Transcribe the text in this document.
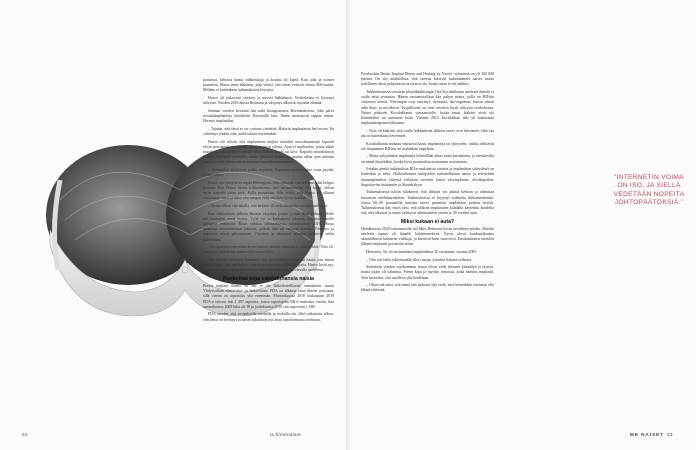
portaissa, kehossa tuntui sähköiskuja ja kouluu oli kipeä. Kun jalat ja sormet puutuivat, Husso meni lääkäriin, joka viitasi, että oireet voisivat viitata MS-tautiin. Miltään ei kuitenkaan tutkimuksissa löytynyt.

Husso oli jatkuvasti väsynyt ja uuvusi lääkäriinsä. Verikokeista ei löytynyt selitystä. Vuoden 2018 alussa Bosttuna ja väsymys alkoivat rajoittaa elämää.

Samaan vuoden keväänä hän näki Instagramissa Ravenmaisesta, joka päivä riesintäimplantteja käsiteltiin. Ravenalla luki: Nämä meinasivat tappaa minut. Hiveasi implantiksi.

– Tajusin, että tässä se on: vastaus oireisiini. Halusin implanteista heti eroon. En välittänyt yhtään siitä, miltä tulisin näyttämään.

Husso otti selvää, että implantteen laajkei riasialiin mooslaisumaart lopuolit olivat poistaneet, sa muuten oireet voisivat johtua. Ajan ei arpiltaalen, joissa alkaa muodostua implantin ympärille kovi siinäin kotelo tai kovi. Kapselit muodostuvat kaikille implantit ottaneille, mutta joillakin arpikudos saattaa alkaa ajan mittaan kiristyä, mikä johtaa niin kutsuttuun kapselikutistumiseen.

– Normaalisti poistetaan pelkät implantit. Kapselien poistoa tuleo osata pyytää, Husso sanoo.

Husso otti yhteyttä kirurgiin Helsingissä, joka vakuutti, että leikkaus olisi helppo homma. Kun Husso heräsi leikkauksesta, heti ensimmäiseksi hän kysyi, olihan myös kapselit saatu pois. Kyllä poistettiin. Silti selitti, että Husso oli ollunut vastaanaan esiin, ja alkoi olut hengen enää edelleen hyvin kaikkia.

– Tiesin silloin että aikalla, että tarkkee oli vielä alkaneita vuoroja matkattaa.

Pian leikkauksen jälkeen Husson väsymys poistui ja hän alkoi laihtua. Tilalle tuli kuitenkin uusia oireita: Syljä nyt jo kurkukseni alkoivat aiheuttaa hänelle allergisia reaktioita. Rasat viikkoa leikkauksesta, tammikuussa 2019, Husso suhtautui sivuutettavaan jaksoon, jolloin hän sai erilaiset korvaa. Väsymys ja uupumus olivat pahentuneet. Väsymys ja ahmimat allergiat palasivat nelän palvelijaan.

– En pystynyt tekemään lasten kanssa mitään, minusta ei ollut äidiksi. Olin 22-vuotias ja ihmettelin, miten voisi tuntua tältä.

Hän oli niin huonossa kunnossa, että Scutialläkäri ei ottanut häntä, jota ennen tahtoi hänen olisi mahdollista käydä pesukainosta sokasulappajia. Husso kiviä nyt, koska niin tajusi itse kykenemäisyysmä erioivana, vastaan olevalle uudelleen.

Koskettaa jopa satojatuhansia naisia

Breast implant illness eli BII ei ole lääketieteellisesti tunnustettu, mutta Yhdysvaltain elintarvike- ja lääkevirasto FDA on alkanut ottaa ilmiön tosissaan, sillä oireita on raportoitu yhä enemmän. Marraskuussa 2018 laukaisuun 2019 FDA:n tietoon tuli 2 497 tapausta, joissa raportoitiin BII:n mukaisia oireita, kun tammikuussa 2008 luku oli 18 ja joulukuussa 2018 sitä raportoitu 1 080.

FDA arvelee, että sosiaalisella medialla ja tiedoilla oin ollut vaikutusta siihen, että tietoa on levinnyt ja naiset uskaltavat nyt ottaa raportoimaan oireistaan.

Facebookin Breast Implant Illness and Healing by Nicole -ryhmässä on yli 100 000 jäsentä. On siis mahdollista, että oireista kärsivät sadattuhannet naiset, mutta todellinen tietoa pohjustavaa arviota ei ole, koska asiaa ei ole tutkittu.

Tuhkuniemessä toimivan plastiikkakirurgin Oya Kocabalkanin mielestä ilmiötä ei voida enää sivuuttaa. Hänen vastaanotollaan käy paljon naisia, joilla on BII:hin viittaavia oireita. Yleisimpiä ovat väsymys, ihottuma, iho-ongelmat, kuivat silmät sekä lihas- ja nivelkivut. Tyypillisesti on, ettei oireisiin löydy selitystä verikokeista. Naiset päätyvät Kocabalkanin vastaanotolle, koska muut lääkärit eivät ole kuunnelleet tai auttaneet heitä. Vuonna 2012 Kocabalkan teki yli kaksisataa implanttienpoistoleikkausta.

– Nois oli käärittä, että osalla leikkauksen jälkeen oireet ovat hävinneet, eikä osa ala on kuitenkaan lievenneet.

Kocabalkanin mukaan seuraavat kuusi implantteja on yhteyteen, vaikka selittävät ole riiapanneet BII:hin tai mahdaltaa ongelmia.

– Mutta nykyäänkin implanteja kehitellään aikaa uutta periaatteita, ja tarvittavilla on nämä ilmiöitäkin, koska hyvä ponnisaltaa nostamaan arvioimaan.

Joitakin pieniä tutkimuksia BII:n mukaisista oireista ja implanttien yhteydestä on kuitenkin jo tehty. Hollantilaisten tutkijoiden tarkastellutaan naisia ja selvitettiin rintaimplanttien yhteyttä erilaisiin oireisiin kuten väsymykseen, nivelkipuihin, lingoittaviin ihottumiin ja likaushälyyn.

Tutkimuksessa tultiin tulokseen, että silikoni voi päästä kehoon ja aiheuttaa kroonisen tulehdusreaktion. Tutkimuksessa ei löytynyt todisteita silikonimätäästä. Joissa 60–90 prosentilla naisista oireet paranivat implantien poiston myötä. Tutkimuksessa käy myös ilmi, että silikoni-implanttien kohdalla käytettiin kuudelta sitä, että alkoivat ja usein vaihtuvat aiheuttamien oireita jo 30 vuoden ajan.

Miksi kukaan ei auta?

Heinäkuussa 2020 vastaanotolle tuli Mira Heinosen hyvin tavallinen potilas. Meidän mielestä tapaus oli hänelle käänteentekevä. Kivut olivat kuukausikausia säännöllisesti kuluneen viikkoja, ja kiertivät kuin vuorovesi. Ensimmäisten oireiden jälkeen implantit poistettiin sitten.

Heinosen, 36, oli ensimmäiset implanttinsa 20 vuotiaana, vuonna 2005.

– Olin tosi laiha eikä minulla ollut rintoja, jotenkin halusin sellaiset.

Seitsemän vuoden myöhemmin rinnat olivat vielä ehtineet kiinnittyä ja täyttyä, mutta jotain oli valmiina. Pienet kipu ja myrsky rintoissa, jotka haettiin implantit. Tein kerrottiin, että asiallista yhä hoidetaan.

– Olisin mä natsi, että nämä tätä jatkuvat yhä vielä, ettei kenenkään tarvinnut olla lähteä tehtävää.

”INTERNETIN VOIMA ON ISO, JA SIELLÄ VEDETÄÄN NOPEITA JOHTOPÄÄTÖKSIÄ.”
22	is.fi/menaiset	ME NAISET 23
